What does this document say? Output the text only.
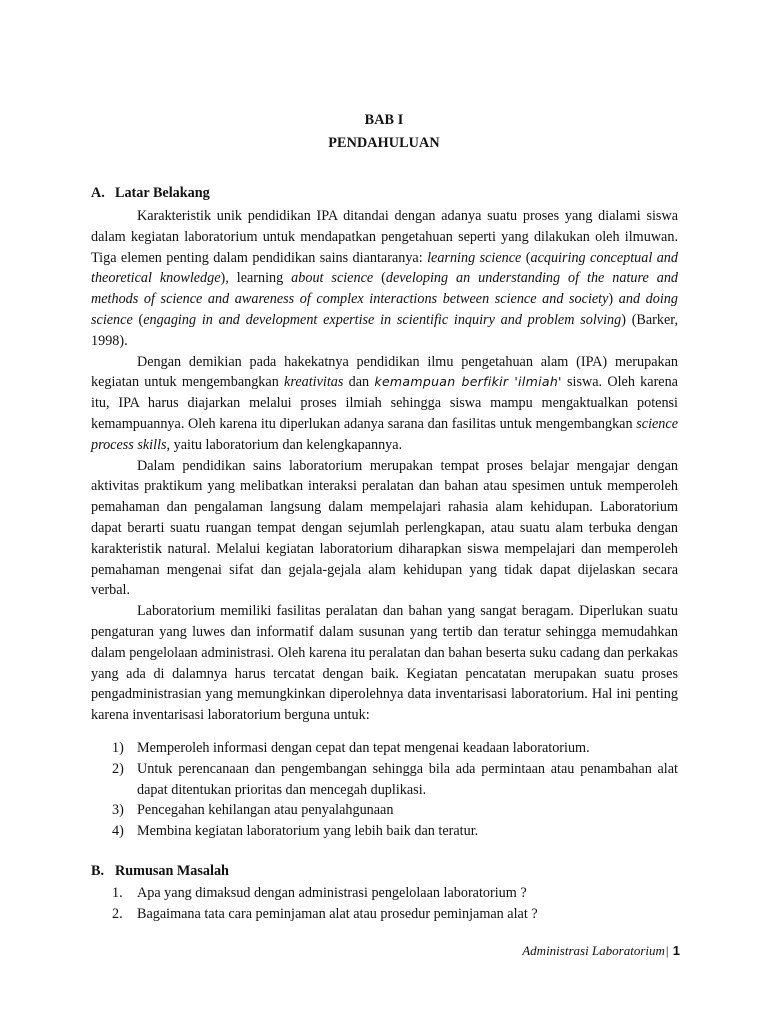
BAB I
PENDAHULUAN
A. Latar Belakang

Karakteristik unik pendidikan IPA ditandai dengan adanya suatu proses yang dialami siswa dalam kegiatan laboratorium untuk mendapatkan pengetahuan seperti yang dilakukan oleh ilmuwan. Tiga elemen penting dalam pendidikan sains diantaranya: learning science (acquiring conceptual and theoretical knowledge), learning about science (developing an understanding of the nature and methods of science and awareness of complex interactions between science and society) and doing science (engaging in and development expertise in scientific inquiry and problem solving) (Barker, 1998).

Dengan demikian pada hakekatnya pendidikan ilmu pengetahuan alam (IPA) merupakan kegiatan untuk mengembangkan kreativitas dan kemampuan berfikir 'ilmiah' siswa. Oleh karena itu, IPA harus diajarkan melalui proses ilmiah sehingga siswa mampu mengaktualkan potensi kemampuannya. Oleh karena itu diperlukan adanya sarana dan fasilitas untuk mengembangkan science process skills, yaitu laboratorium dan kelengkapannya.

Dalam pendidikan sains laboratorium merupakan tempat proses belajar mengajar dengan aktivitas praktikum yang melibatkan interaksi peralatan dan bahan atau spesimen untuk memperoleh pemahaman dan pengalaman langsung dalam mempelajari rahasia alam kehidupan. Laboratorium dapat berarti suatu ruangan tempat dengan sejumlah perlengkapan, atau suatu alam terbuka dengan karakteristik natural. Melalui kegiatan laboratorium diharapkan siswa mempelajari dan memperoleh pemahaman mengenai sifat dan gejala-gejala alam kehidupan yang tidak dapat dijelaskan secara verbal.

Laboratorium memiliki fasilitas peralatan dan bahan yang sangat beragam. Diperlukan suatu pengaturan yang luwes dan informatif dalam susunan yang tertib dan teratur sehingga memudahkan dalam pengelolaan administrasi. Oleh karena itu peralatan dan bahan beserta suku cadang dan perkakas yang ada di dalamnya harus tercatat dengan baik. Kegiatan pencatatan merupakan suatu proses pengadministrasian yang memungkinkan diperolehnya data inventarisasi laboratorium. Hal ini penting karena inventarisasi laboratorium berguna untuk:

1) Memperoleh informasi dengan cepat dan tepat mengenai keadaan laboratorium.
2) Untuk perencanaan dan pengembangan sehingga bila ada permintaan atau penambahan alat dapat ditentukan prioritas dan mencegah duplikasi.
3) Pencegahan kehilangan atau penyalahgunaan
4) Membina kegiatan laboratorium yang lebih baik dan teratur.
B. Rumusan Masalah
1. Apa yang dimaksud dengan administrasi pengelolaan laboratorium ?
2. Bagaimana tata cara peminjaman alat atau prosedur peminjaman alat ?
Administrasi Laboratorium| 1
